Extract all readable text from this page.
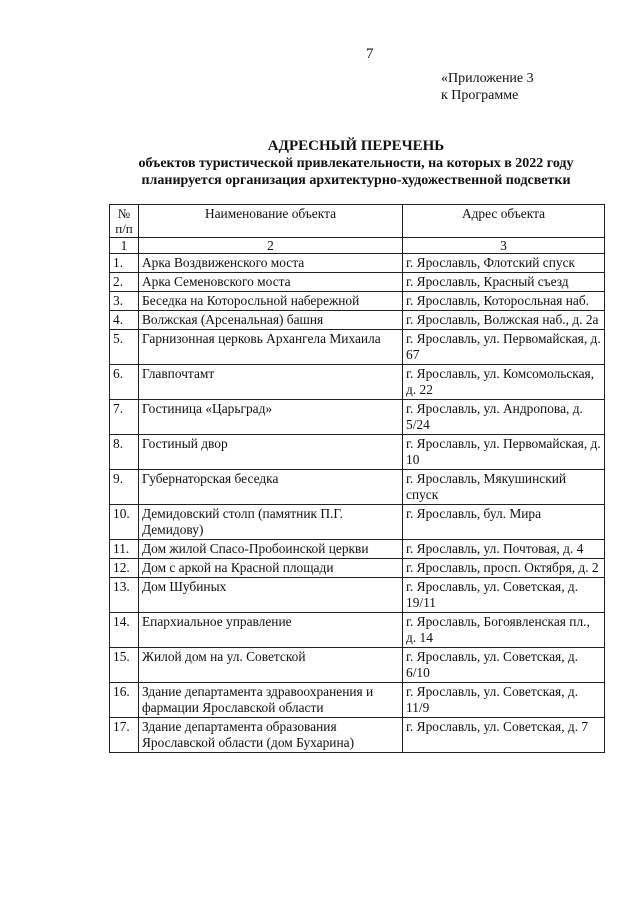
7
«Приложение 3
к Программе
АДРЕСНЫЙ ПЕРЕЧЕНЬ
объектов туристической привлекательности, на которых в 2022 году
планируется организация архитектурно-художественной подсветки
№
п/п	Наименование объекта	Адрес объекта
1	2	3
1.	Арка Воздвиженского моста	г. Ярославль, Флотский спуск
2.	Арка Семеновского моста	г. Ярославль, Красный съезд
3.	Беседка на Которосльной набережной	г. Ярославль, Которосльная наб.
4.	Волжская (Арсенальная) башня	г. Ярославль, Волжская наб., д. 2а
5.	Гарнизонная церковь Архангела Михаила	г. Ярославль, ул. Первомайская, д. 67
6.	Главпочтамт	г. Ярославль, ул. Комсомольская, д. 22
7.	Гостиница «Царьград»	г. Ярославль, ул. Андропова, д. 5/24
8.	Гостиный двор	г. Ярославль, ул. Первомайская, д. 10
9.	Губернаторская беседка	г. Ярославль, Мякушинский спуск
10.	Демидовский столп (памятник П.Г. Демидову)	г. Ярославль, бул. Мира
11.	Дом жилой Спасо-Пробоинской церкви	г. Ярославль, ул. Почтовая, д. 4
12.	Дом с аркой на Красной площади	г. Ярославль, просп. Октября, д. 2
13.	Дом Шубиных	г. Ярославль, ул. Советская, д. 19/11
14.	Епархиальное управление	г. Ярославль, Богоявленская пл., д. 14
15.	Жилой дом на ул. Советской	г. Ярославль, ул. Советская, д. 6/10
16.	Здание департамента здравоохранения и фармации Ярославской области	г. Ярославль, ул. Советская, д. 11/9
17.	Здание департамента образования Ярославской области (дом Бухарина)	г. Ярославль, ул. Советская, д. 7
